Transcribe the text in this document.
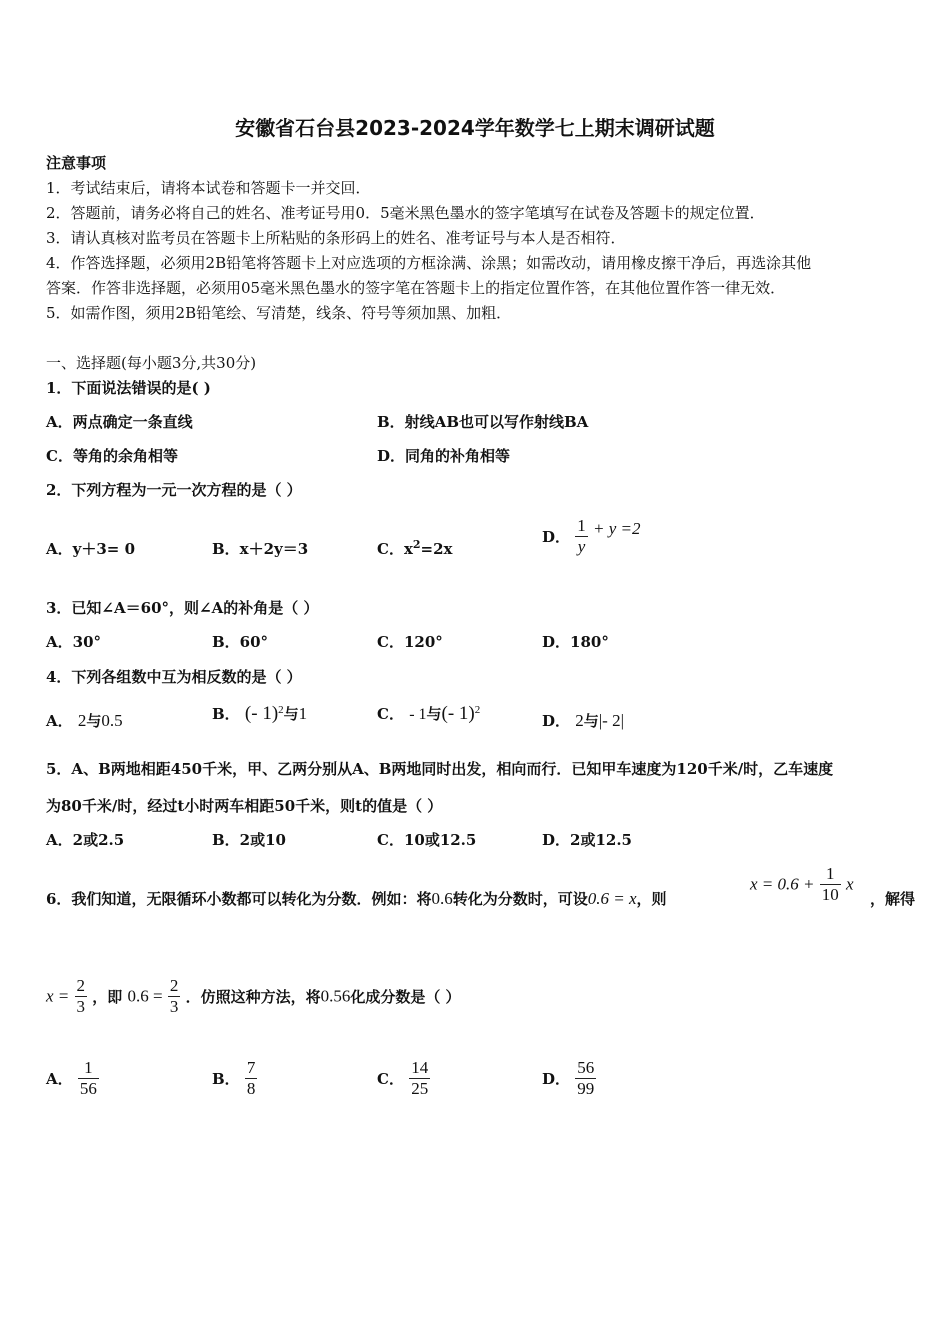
安徽省石台县2023-2024学年数学七上期末调研试题
注意事项
1．考试结束后，请将本试卷和答题卡一并交回．
2．答题前，请务必将自己的姓名、准考证号用0．5毫米黑色墨水的签字笔填写在试卷及答题卡的规定位置．
3．请认真核对监考员在答题卡上所粘贴的条形码上的姓名、准考证号与本人是否相符．
4．作答选择题，必须用2B铅笔将答题卡上对应选项的方框涂满、涂黑；如需改动，请用橡皮擦干净后，再选涂其他
答案．作答非选择题，必须用05毫米黑色墨水的签字笔在答题卡上的指定位置作答，在其他位置作答一律无效．
5．如需作图，须用2B铅笔绘、写清楚，线条、符号等须加黑、加粗．
一、选择题(每小题3分,共30分)
1．下面说法错误的是( )
A．两点确定一条直线	B．射线AB也可以写作射线BA
C．等角的余角相等	D．同角的补角相等
2．下列方程为一元一次方程的是（ ）
A．y＋3= 0	B．x＋2y＝3	C．$x^2=2x$
D． $\frac{1}{y} + y =2$
3．已知∠A＝60°，则∠A的补角是（ ）
A．30°	B．60°	C．120°	D．180°
4．下列各组数中互为相反数的是（ ）
A． 2与0.5	B． (- 1)$^2$与1	C． - 1与(- 1)$^2$
D． 2与|- 2|
5．A、B两地相距450千米，甲、乙两分别从A、B两地同时出发，相向而行．已知甲车速度为120千米/时，乙车速度
为80千米/时，经过t小时两车相距50千米，则t的值是（ ）
A．2或2.5	B．2或10	C．10或12.5	D．2或12.5
6．我们知道，无限循环小数都可以转化为分数．例如：将0.6转化为分数时，可设0.6 = x，则
$x = 0.6 + \frac{1}{10}$ x
，解得
$x = \frac{2}{3}$ ，即 $0.6 = \frac{2}{3}$ ．仿照这种方法，将0.56化成分数是（ ）
A． $\frac{1}{56}$	B． $\frac{7}{8}$	C． $\frac{14}{25}$	D． $\frac{56}{99}$
